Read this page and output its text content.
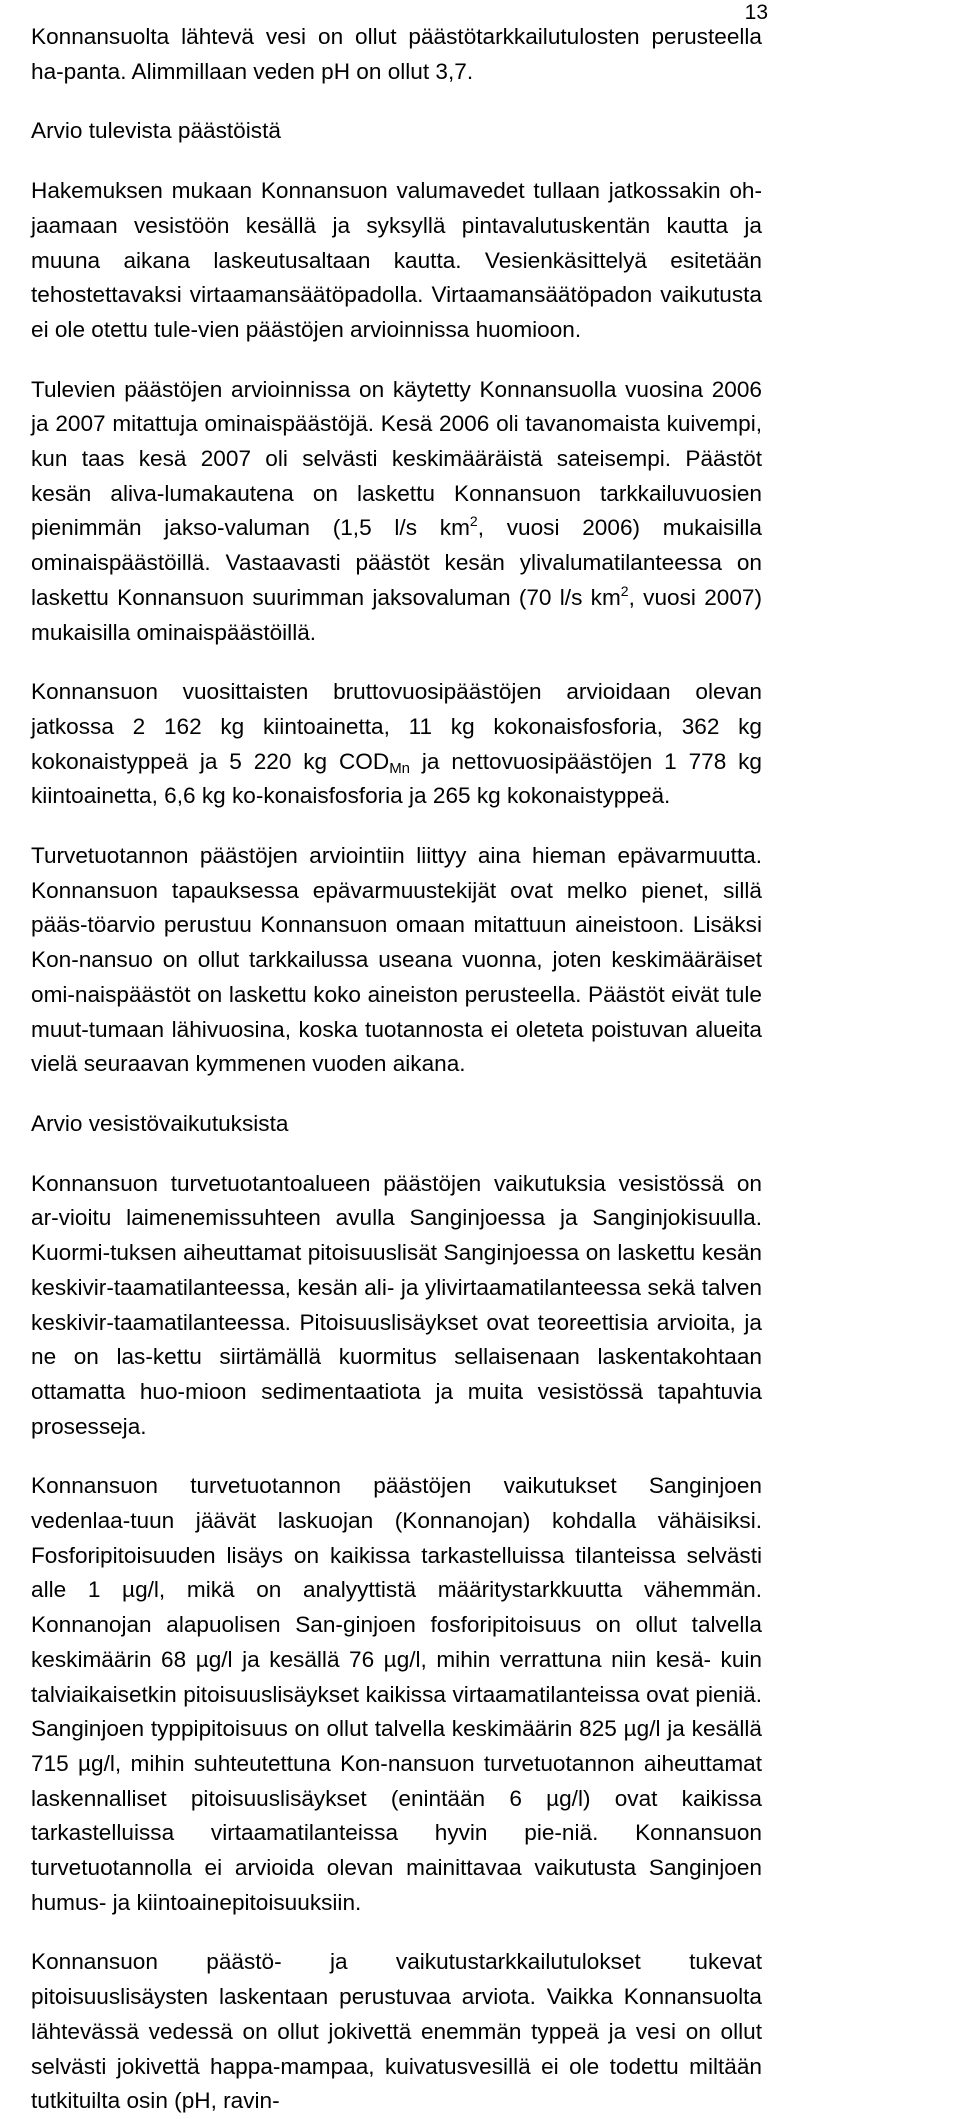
13

Konnansuolta lähtevä vesi on ollut päästötarkkailutulosten perusteella ha-panta. Alimmillaan veden pH on ollut 3,7.

Arvio tulevista päästöistä

Hakemuksen mukaan Konnansuon valumavedet tullaan jatkossakin oh-jaamaan vesistöön kesällä ja syksyllä pintavalutuskentän kautta ja muuna aikana laskeutusaltaan kautta. Vesienkäsittelyä esitetään tehostettavaksi virtaamansäätöpadolla. Virtaamansäätöpadon vaikutusta ei ole otettu tule-vien päästöjen arvioinnissa huomioon.

Tulevien päästöjen arvioinnissa on käytetty Konnansuolla vuosina 2006 ja 2007 mitattuja ominaispäästöjä. Kesä 2006 oli tavanomaista kuivempi, kun taas kesä 2007 oli selvästi keskimääräistä sateisempi. Päästöt kesän aliva-lumakautena on laskettu Konnansuon tarkkailuvuosien pienimmän jakso-valuman (1,5 l/s $km^2$, vuosi 2006) mukaisilla ominaispäästöillä. Vastaavasti päästöt kesän ylivalumatilanteessa on laskettu Konnansuon suurimman jaksovaluman (70 l/s $km^2$, vuosi 2007) mukaisilla ominaispäästöillä.

Konnansuon vuosittaisten bruttovuosipäästöjen arvioidaan olevan jatkossa 2 162 kg kiintoainetta, 11 kg kokonaisfosforia, 362 kg kokonaistyppeä ja 5 220 kg $COD_{Mn}$ ja nettovuosipäästöjen 1 778 kg kiintoainetta, 6,6 kg ko-konaisfosforia ja 265 kg kokonaistyppeä.

Turvetuotannon päästöjen arviointiin liittyy aina hieman epävarmuutta. Konnansuon tapauksessa epävarmuustekijät ovat melko pienet, sillä pääs-töarvio perustuu Konnansuon omaan mitattuun aineistoon. Lisäksi Kon-nansuo on ollut tarkkailussa useana vuonna, joten keskimääräiset omi-naispäästöt on laskettu koko aineiston perusteella. Päästöt eivät tule muut-tumaan lähivuosina, koska tuotannosta ei oleteta poistuvan alueita vielä seuraavan kymmenen vuoden aikana.

Arvio vesistövaikutuksista

Konnansuon turvetuotantoalueen päästöjen vaikutuksia vesistössä on ar-vioitu laimenemissuhteen avulla Sanginjoessa ja Sanginjokisuulla. Kuormi-tuksen aiheuttamat pitoisuuslisät Sanginjoessa on laskettu kesän keskivir-taamatilanteessa, kesän ali- ja ylivirtaamatilanteessa sekä talven keskivir-taamatilanteessa. Pitoisuuslisäykset ovat teoreettisia arvioita, ja ne on las-kettu siirtämällä kuormitus sellaisenaan laskentakohtaan ottamatta huo-mioon sedimentaatiota ja muita vesistössä tapahtuvia prosesseja.

Konnansuon turvetuotannon päästöjen vaikutukset Sanginjoen vedenlaa-tuun jäävät laskuojan (Konnanojan) kohdalla vähäisiksi. Fosforipitoisuuden lisäys on kaikissa tarkastelluissa tilanteissa selvästi alle 1 µg/l, mikä on analyyttistä määritystarkkuutta vähemmän. Konnanojan alapuolisen San-ginjoen fosforipitoisuus on ollut talvella keskimäärin 68 µg/l ja kesällä 76 µg/l, mihin verrattuna niin kesä- kuin talviaikaisetkin pitoisuuslisäykset kaikissa virtaamatilanteissa ovat pieniä. Sanginjoen typpipitoisuus on ollut talvella keskimäärin 825 µg/l ja kesällä 715 µg/l, mihin suhteutettuna Kon-nansuon turvetuotannon aiheuttamat laskennalliset pitoisuuslisäykset (enintään 6 µg/l) ovat kaikissa tarkastelluissa virtaamatilanteissa hyvin pie-niä. Konnansuon turvetuotannolla ei arvioida olevan mainittavaa vaikutusta Sanginjoen humus- ja kiintoainepitoisuuksiin.

Konnansuon päästö- ja vaikutustarkkailutulokset tukevat pitoisuuslisäysten laskentaan perustuvaa arviota. Vaikka Konnansuolta lähtevässä vedessä on ollut jokivettä enemmän typpeä ja vesi on ollut selvästi jokivettä happa-mampaa, kuivatusvesillä ei ole todettu miltään tutkituilta osin (pH, ravin-
